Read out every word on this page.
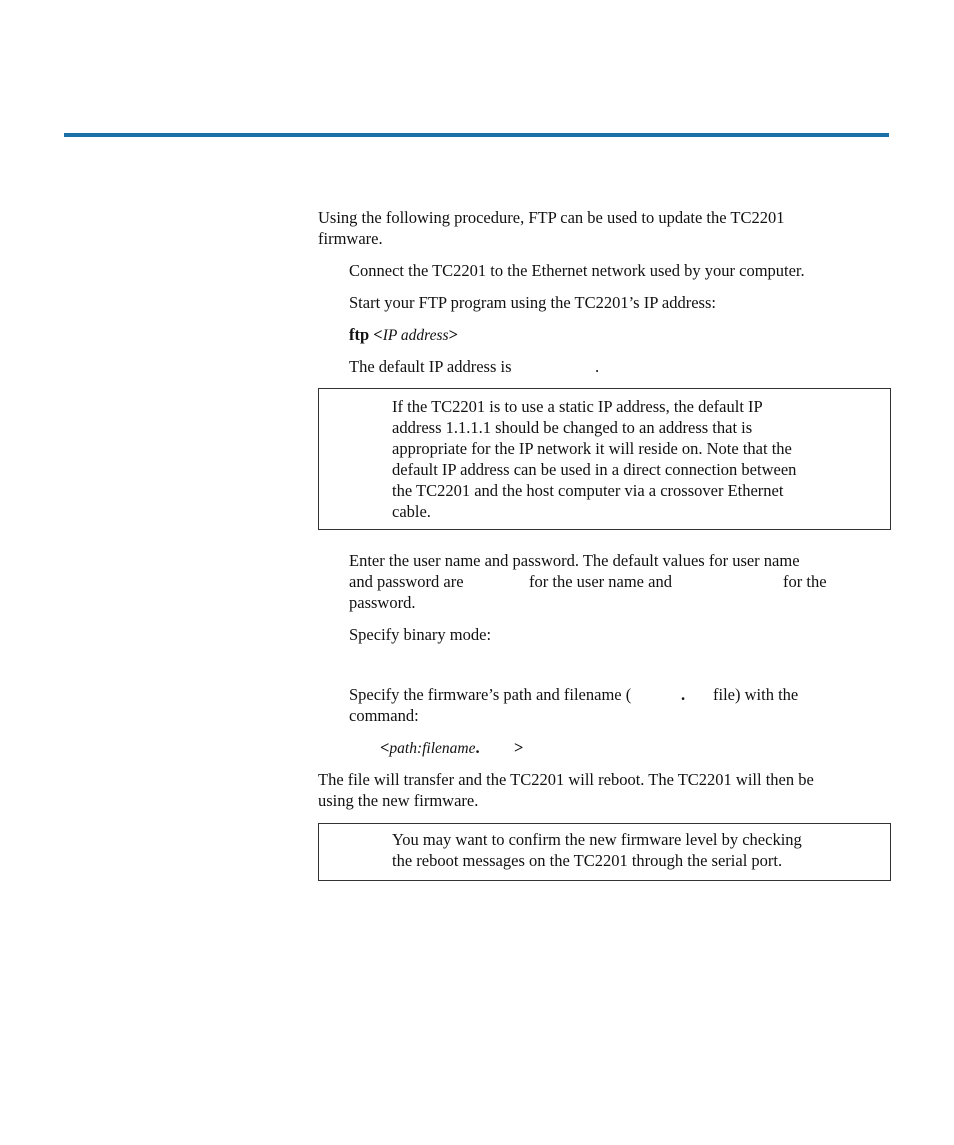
Using the following procedure, FTP can be used to update the TC2201

firmware.

Connect the TC2201 to the Ethernet network used by your computer.

Start your FTP program using the TC2201’s IP address:

ftp <IP address>

The default IP address is	.

If the TC2201 is to use a static IP address, the default IP

address 1.1.1.1 should be changed to an address that is

appropriate for the IP network it will reside on. Note that the

default IP address can be used in a direct connection between

the TC2201 and the host computer via a crossover Ethernet

cable.

Enter the user name and password. The default values for user name

and password are	for the user name and	for the

password.

Specify binary mode:

Specify the firmware’s path and filename (	. file) with the

command:

<path:filename. >

The file will transfer and the TC2201 will reboot. The TC2201 will then be

using the new firmware.

You may want to confirm the new firmware level by checking

the reboot messages on the TC2201 through the serial port.
